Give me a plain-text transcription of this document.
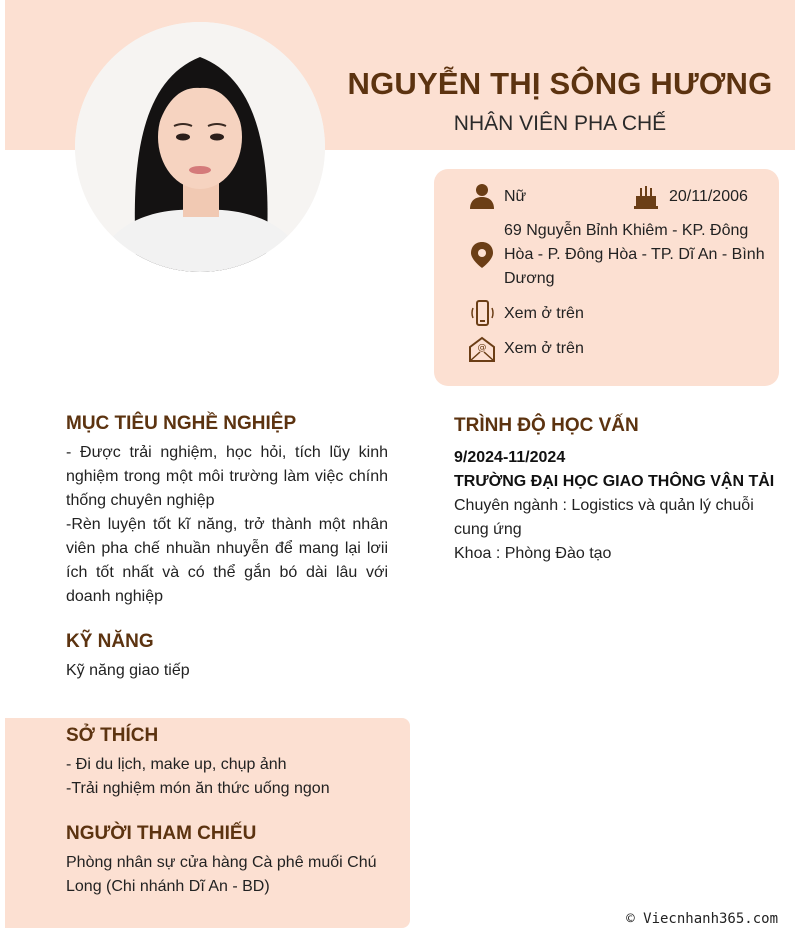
NGUYỄN THỊ SÔNG HƯƠNG
NHÂN VIÊN PHA CHẾ
Nữ	20/11/2006
69 Nguyễn Bỉnh Khiêm - KP. Đông Hòa - P. Đông Hòa - TP. Dĩ An - Bình Dương
Xem ở trên
@ Xem ở trên
MỤC TIÊU NGHỀ NGHIỆP
- Được trải nghiệm, học hỏi, tích lũy kinh nghiệm trong một môi trường làm việc chính thống chuyên nghiệp
-Rèn luyện tốt kĩ năng, trở thành một nhân viên pha chế nhuần nhuyễn để mang lại lơii ích tốt nhất và có thể gắn bó dài lâu với doanh nghiệp
KỸ NĂNG
Kỹ năng giao tiếp
SỞ THÍCH
- Đi du lịch, make up, chụp ảnh
-Trải nghiệm món ăn thức uống ngon
NGƯỜI THAM CHIẾU
Phòng nhân sự cửa hàng Cà phê muối Chú Long (Chi nhánh Dĩ An - BD)
TRÌNH ĐỘ HỌC VẤN
9/2024-11/2024
TRƯỜNG ĐẠI HỌC GIAO THÔNG VẬN TẢI
Chuyên ngành : Logistics và quản lý chuỗi cung ứng
Khoa : Phòng Đào tạo
© Viecnhanh365.com
